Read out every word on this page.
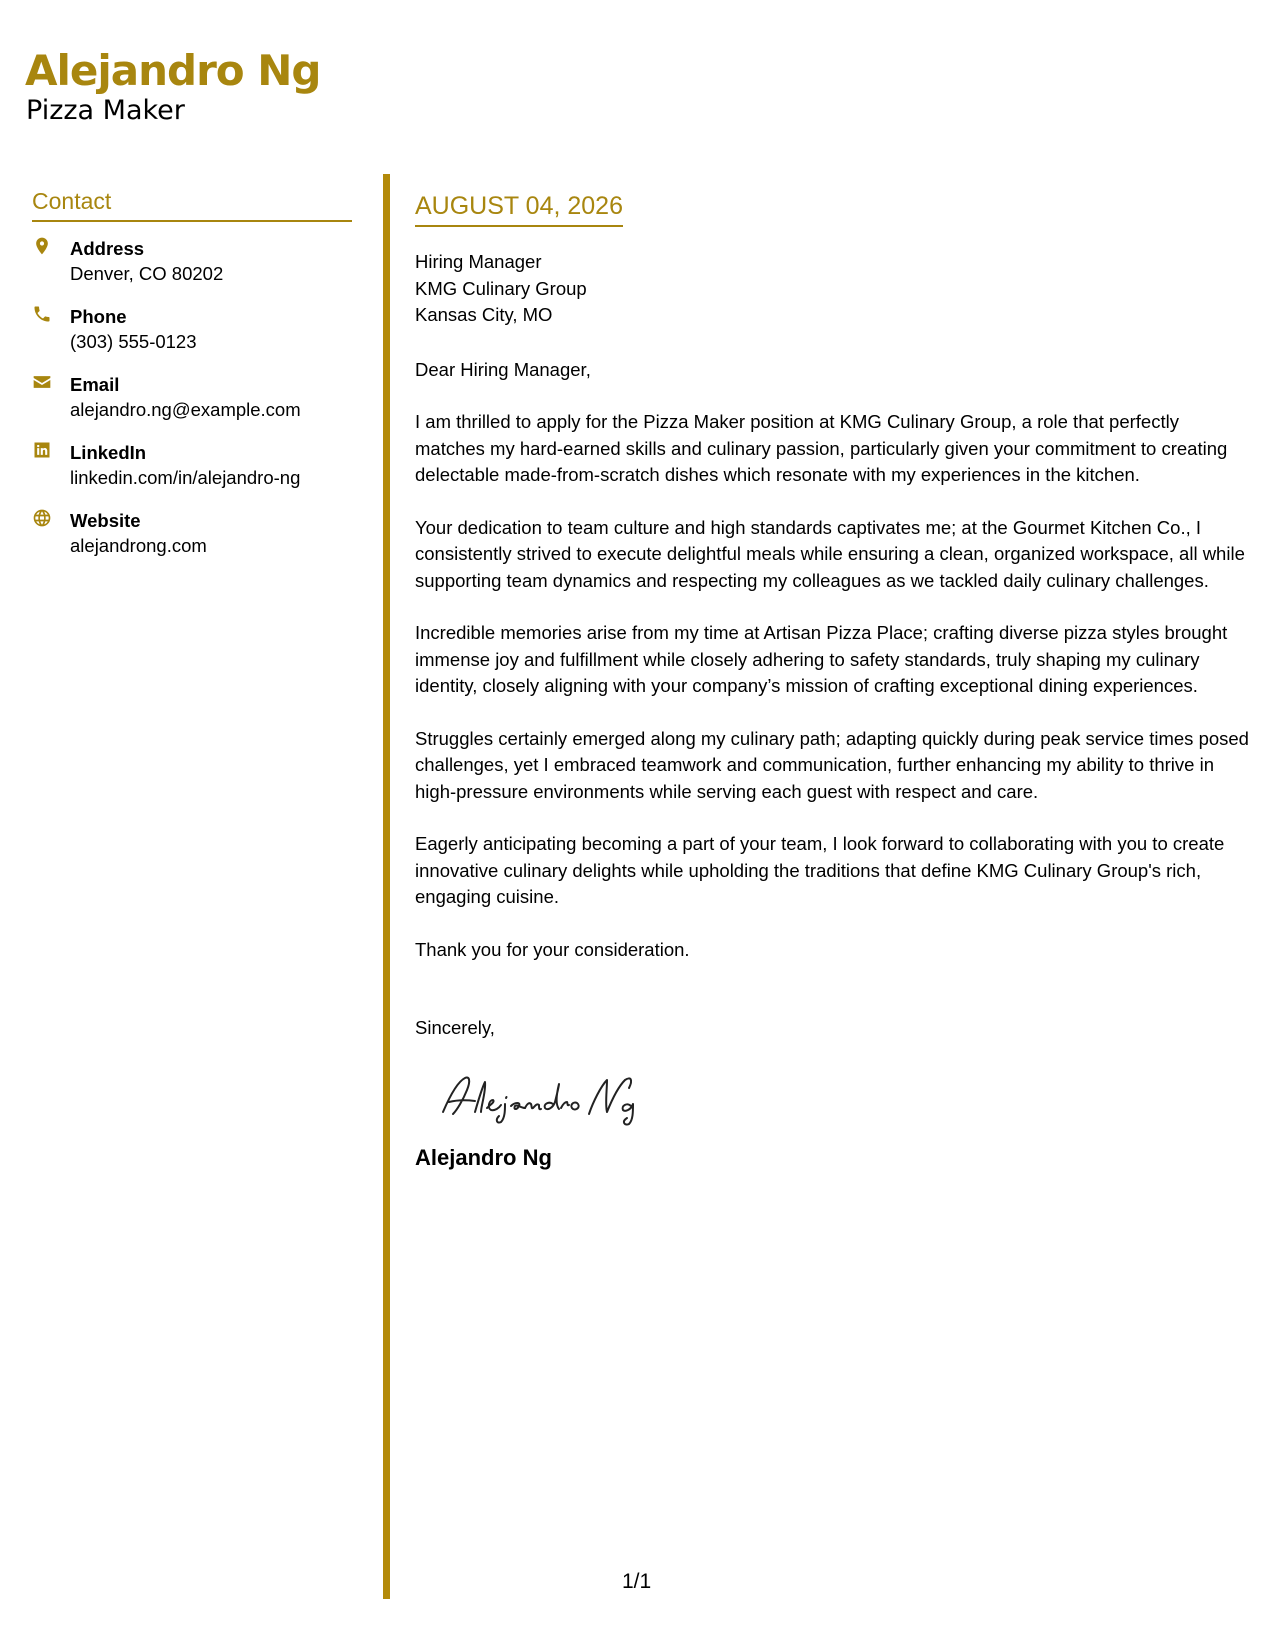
Alejandro Ng
Pizza Maker
Contact
Address
Denver, CO 80202
Phone
(303) 555-0123
Email
alejandro.ng@example.com
LinkedIn
linkedin.com/in/alejandro-ng
Website
alejandrong.com
AUGUST 04, 2026
Hiring Manager
KMG Culinary Group
Kansas City, MO
Dear Hiring Manager,
I am thrilled to apply for the Pizza Maker position at KMG Culinary Group, a role that perfectly matches my hard-earned skills and culinary passion, particularly given your commitment to creating delectable made-from-scratch dishes which resonate with my experiences in the kitchen.
Your dedication to team culture and high standards captivates me; at the Gourmet Kitchen Co., I consistently strived to execute delightful meals while ensuring a clean, organized workspace, all while supporting team dynamics and respecting my colleagues as we tackled daily culinary challenges.
Incredible memories arise from my time at Artisan Pizza Place; crafting diverse pizza styles brought immense joy and fulfillment while closely adhering to safety standards, truly shaping my culinary identity, closely aligning with your company’s mission of crafting exceptional dining experiences.
Struggles certainly emerged along my culinary path; adapting quickly during peak service times posed challenges, yet I embraced teamwork and communication, further enhancing my ability to thrive in high-pressure environments while serving each guest with respect and care.
Eagerly anticipating becoming a part of your team, I look forward to collaborating with you to create innovative culinary delights while upholding the traditions that define KMG Culinary Group's rich, engaging cuisine.
Thank you for your consideration.
Sincerely,
Alejandro Ng
1/1
